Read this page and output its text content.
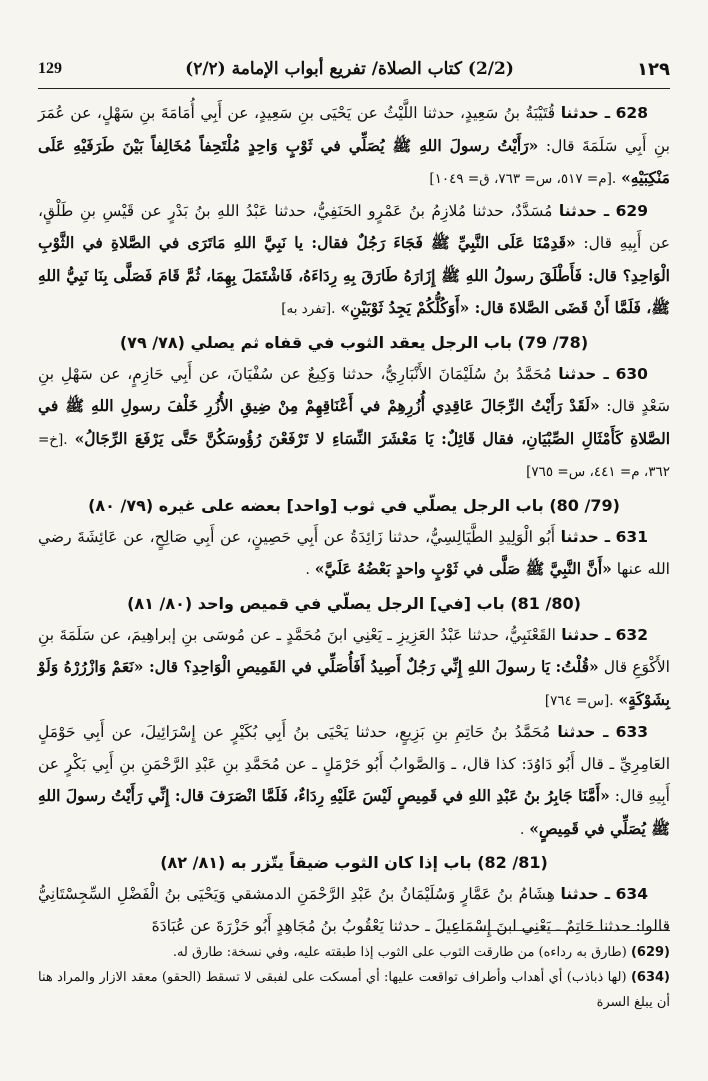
١٢٩
(2/2) كتاب الصلاة/ تفريع أبواب الإمامة (٢/٢)
129

628 ـ حدثنا قُتَيْبَةُ بنُ سَعِيدٍ، حدثنا اللَّيْثُ عن يَحْيَى بنِ سَعِيدٍ، عن أَبِي أُمَامَةَ بنِ سَهْلٍ، عن عُمَرَ بنِ أَبِي سَلَمَةَ قال: «رَأَيْتُ رسولَ اللهِ ﷺ يُصَلِّي في ثَوْبٍ وَاحِدٍ مُلْتَحِفاً مُخَالِفاً بَيْنَ طَرَفَيْهِ عَلَى مَنْكِبَيْهِ» .[م= ٥١٧، س= ٧٦٣، ق= ١٠٤٩]

629 ـ حدثنا مُسَدَّدٌ، حدثنا مُلازِمُ بنُ عَمْرٍو الحَنَفِيُّ، حدثنا عَبْدُ اللهِ بنُ بَدْرٍ عن قَيْسِ بنِ طَلْقٍ، عن أَبِيهِ قال: «قَدِمْنَا عَلَى النَّبِيِّ ﷺ فَجَاءَ رَجُلٌ فقال: يا نَبِيَّ اللهِ مَاتَرَى في الصَّلاةِ في الثَّوْبِ الْوَاحِدِ؟ قال: فَأَطْلَقَ رسولُ اللهِ ﷺ إِزَارَهُ طَارَقَ بِهِ رِدَاءَهُ، فَاشْتَمَلَ بِهِمَا، ثُمَّ قَامَ فَصَلَّى بِنَا نَبِيُّ اللهِ ﷺ، فَلَمَّا أَنْ قَضَى الصَّلاةَ قال: «أَوَكُلُّكُمْ يَجِدُ ثَوْبَيْنِ» .[تفرد به]

(78/ 79) باب الرجل يعقد الثوب في قفاه ثم يصلي (٧٨/ ٧٩)

630 ـ حدثنا مُحَمَّدُ بنُ سُلَيْمَانَ الأَنْبَارِيُّ، حدثنا وَكِيعٌ عن سُفْيَانَ، عن أَبِي حَازِمٍ، عن سَهْلِ بنِ سَعْدٍ قال: «لَقَدْ رَأَيْتُ الرِّجَالَ عَاقِدِي أُزُرِهِمْ في أَعْنَاقِهِمْ مِنْ ضِيقِ الأُزُرِ خَلْفَ رسولِ اللهِ ﷺ في الصَّلاةِ كَأَمْثَالِ الصِّبْيَانِ، فقال قَائِلٌ: يَا مَعْشَرَ النِّسَاءِ لا تَرْفَعْنَ رُؤُوسَكُنَّ حَتَّى يَرْفَعَ الرِّجَالُ» .[خ= ٣٦٢، م= ٤٤١، س= ٧٦٥]

(79/ 80) باب الرجل يصلّي في ثوب [واحد] بعضه على غيره (٧٩/ ٨٠)

631 ـ حدثنا أَبُو الْوَلِيدِ الطَّيَالِسِيُّ، حدثنا زَائِدَةُ عن أَبِي حَصِينٍ، عن أَبِي صَالِحٍ، عن عَائِشَةَ رضي الله عنها «أَنَّ النَّبِيَّ ﷺ صَلَّى في ثَوْبٍ واحدٍ بَعْضُهُ عَلَيَّ» .

(80/ 81) باب [في] الرجل يصلّي في قميص واحد (٨٠/ ٨١)

632 ـ حدثنا القَعْنَبِيُّ، حدثنا عَبْدُ العَزِيزِ ـ يَعْنِي ابنَ مُحَمَّدٍ ـ عن مُوسَى بنِ إبراهِيمَ، عن سَلَمَةَ بنِ الأَكْوَعِ قال «قُلْتُ: يَا رسولَ اللهِ إِنِّي رَجُلٌ أَصِيدُ أَفَأُصَلِّي في القَمِيصِ الْوَاحِدِ؟ قال: «نَعَمْ وَازْرُرْهُ وَلَوْ بِشَوْكَةٍ» .[س= ٧٦٤]

633 ـ حدثنا مُحَمَّدُ بنُ حَاتِمِ بنِ بَزِيعٍ، حدثنا يَحْيَى بنُ أَبِي بُكَيْرٍ عن إِسْرَائِيلَ، عن أَبِي حَوْمَلٍ العَامِرِيِّ ـ قال أَبُو دَاوُدَ: كذا قال، ـ وَالصَّوابُ أَبُو حَرْمَلٍ ـ عن مُحَمَّدِ بنِ عَبْدِ الرَّحْمَنِ بنِ أَبِي بَكْرٍ عن أَبِيهِ قال: «أَمَّنَا جَابِرُ بنُ عَبْدِ اللهِ في قَمِيصٍ لَيْسَ عَلَيْهِ رِدَاءٌ، فَلَمَّا انْصَرَفَ قال: إِنِّي رَأَيْتُ رسولَ اللهِ ﷺ يُصَلِّي في قَمِيصٍ» .

(81/ 82) باب إذا كان الثوب ضيقاً يتّزر به (٨١/ ٨٢)

634 ـ حدثنا هِشَامُ بنُ عَمَّارٍ وَسُلَيْمَانُ بنُ عَبْدِ الرَّحْمَنِ الدمشقي وَيَحْيَى بنُ الْفَضْلِ السِّجِسْتَانِيُّ قالوا: حدثنا حَاتِمٌ ـ يَعْنِي ابنَ إِسْمَاعِيلَ ـ حدثنا يَعْقُوبُ بنُ مُجَاهِدٍ أَبُو حَزْرَةَ عن عُبَادَةَ

(629) (طارق به رداءه) من طارقت الثوب على الثوب إذا طبقته عليه، وفي نسخة: طارق له.

(634) (لها ذباذب) أي أهداب وأطراف تواقعت عليها: أي أمسكت على لفبقى لا تسقط (الحقو) معقد الازار والمراد هنا أن يبلغ السرة
